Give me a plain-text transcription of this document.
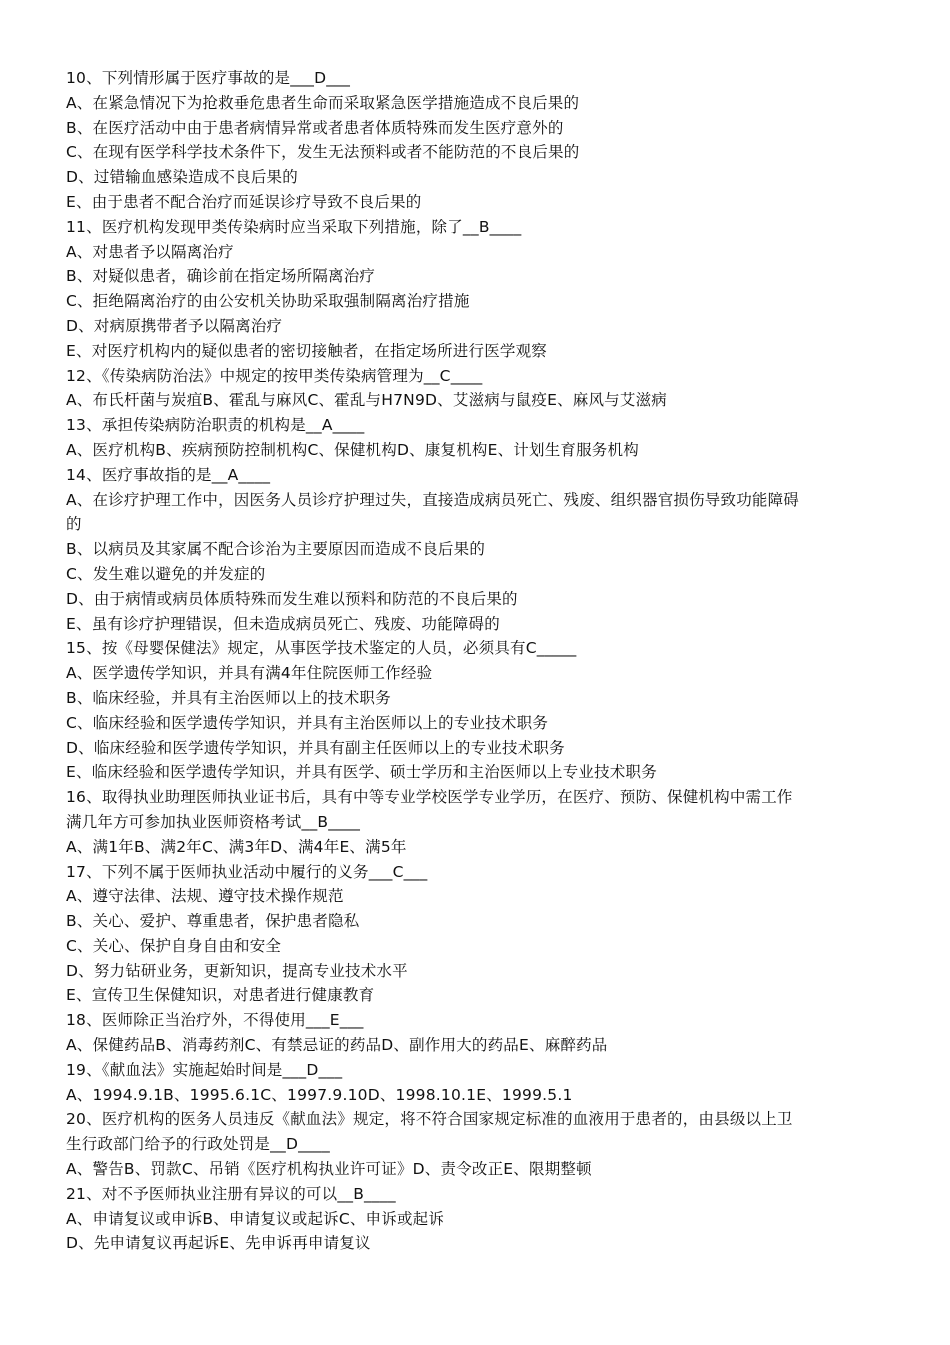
10、下列情形属于医疗事故的是___D___
A、在紧急情况下为抢救垂危患者生命而采取紧急医学措施造成不良后果的
B、在医疗活动中由于患者病情异常或者患者体质特殊而发生医疗意外的
C、在现有医学科学技术条件下，发生无法预料或者不能防范的不良后果的
D、过错输血感染造成不良后果的
E、由于患者不配合治疗而延误诊疗导致不良后果的
11、医疗机构发现甲类传染病时应当采取下列措施，除了__B____
A、对患者予以隔离治疗
B、对疑似患者，确诊前在指定场所隔离治疗
C、拒绝隔离治疗的由公安机关协助采取强制隔离治疗措施
D、对病原携带者予以隔离治疗
E、对医疗机构内的疑似患者的密切接触者，在指定场所进行医学观察
12、《传染病防治法》中规定的按甲类传染病管理为__C____
A、布氏杆菌与炭疽B、霍乱与麻风C、霍乱与H7N9D、艾滋病与鼠疫E、麻风与艾滋病
13、承担传染病防治职责的机构是__A____
A、医疗机构B、疾病预防控制机构C、保健机构D、康复机构E、计划生育服务机构
14、医疗事故指的是__A____
A、在诊疗护理工作中，因医务人员诊疗护理过失，直接造成病员死亡、残废、组织器官损伤导致功能障碍
的
B、以病员及其家属不配合诊治为主要原因而造成不良后果的
C、发生难以避免的并发症的
D、由于病情或病员体质特殊而发生难以预料和防范的不良后果的
E、虽有诊疗护理错误，但未造成病员死亡、残废、功能障碍的
15、按《母婴保健法》规定，从事医学技术鉴定的人员，必须具有C_____
A、医学遗传学知识，并具有满4年住院医师工作经验
B、临床经验，并具有主治医师以上的技术职务
C、临床经验和医学遗传学知识，并具有主治医师以上的专业技术职务
D、临床经验和医学遗传学知识，并具有副主任医师以上的专业技术职务
E、临床经验和医学遗传学知识，并具有医学、硕士学历和主治医师以上专业技术职务
16、取得执业助理医师执业证书后，具有中等专业学校医学专业学历，在医疗、预防、保健机构中需工作
满几年方可参加执业医师资格考试__B____
A、满1年B、满2年C、满3年D、满4年E、满5年
17、下列不属于医师执业活动中履行的义务___C___
A、遵守法律、法规、遵守技术操作规范
B、关心、爱护、尊重患者，保护患者隐私
C、关心、保护自身自由和安全
D、努力钻研业务，更新知识，提高专业技术水平
E、宣传卫生保健知识，对患者进行健康教育
18、医师除正当治疗外，不得使用___E___
A、保健药品B、消毒药剂C、有禁忌证的药品D、副作用大的药品E、麻醉药品
19、《献血法》实施起始时间是___D___
A、1994.9.1B、1995.6.1C、1997.9.10D、1998.10.1E、1999.5.1
20、医疗机构的医务人员违反《献血法》规定，将不符合国家规定标准的血液用于患者的，由县级以上卫
生行政部门给予的行政处罚是__D____
A、警告B、罚款C、吊销《医疗机构执业许可证》D、责令改正E、限期整顿
21、对不予医师执业注册有异议的可以__B____
A、申请复议或申诉B、申请复议或起诉C、申诉或起诉
D、先申请复议再起诉E、先申诉再申请复议
